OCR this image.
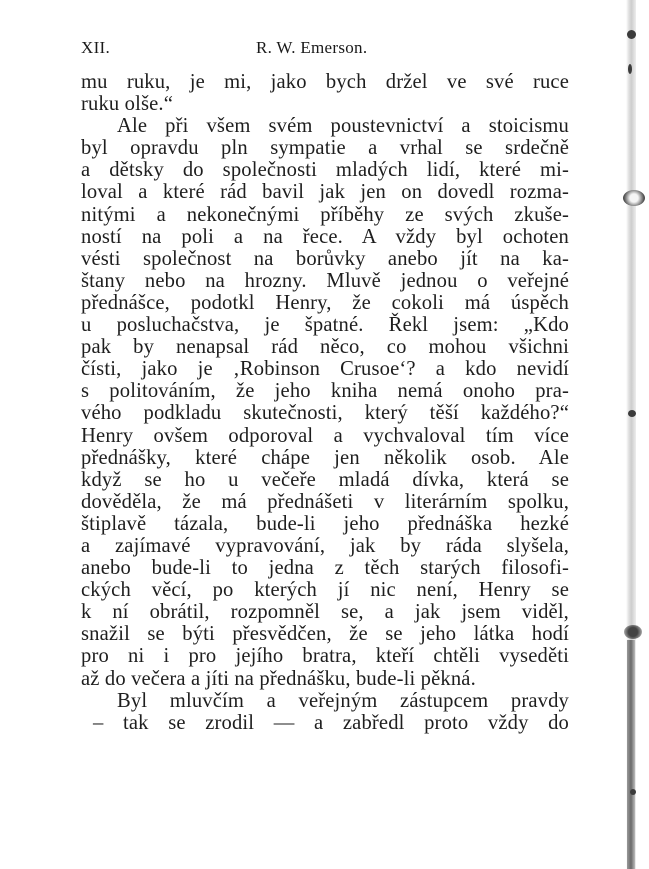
XII.	R. W. Emerson.
mu ruku, je mi, jako bych držel ve své ruce
ruku olše.“
Ale při všem svém poustevnictví a stoicismu
byl opravdu pln sympatie a vrhal se srdečně
a dětsky do společnosti mladých lidí, které mi-
loval a které rád bavil jak jen on dovedl rozma-
nitými a nekonečnými příběhy ze svých zkuše-
ností na poli a na řece. A vždy byl ochoten
vésti společnost na borůvky anebo jít na ka-
štany nebo na hrozny. Mluvě jednou o veřejné
přednášce, podotkl Henry, že cokoli má úspěch
u posluchačstva, je špatné. Řekl jsem: „Kdo
pak by nenapsal rád něco, co mohou všichni
čísti, jako je ‚Robinson Crusoe‘? a kdo nevidí
s politováním, že jeho kniha nemá onoho pra-
vého podkladu skutečnosti, který těší každého?“
Henry ovšem odporoval a vychvaloval tím více
přednášky, které chápe jen několik osob. Ale
když se ho u večeře mladá dívka, která se
dověděla, že má přednášeti v literárním spolku,
štiplavě tázala, bude-li jeho přednáška hezké
a zajímavé vypravování, jak by ráda slyšela,
anebo bude-li to jedna z těch starých filosofi-
ckých věcí, po kterých jí nic není, Henry se
k ní obrátil, rozpomněl se, a jak jsem viděl,
snažil se býti přesvědčen, že se jeho látka hodí
pro ni i pro jejího bratra, kteří chtěli vyseděti
až do večera a jíti na přednášku, bude-li pěkná.
Byl mluvčím a veřejným zástupcem pravdy
– tak se zrodil — a zabředl proto vždy do
